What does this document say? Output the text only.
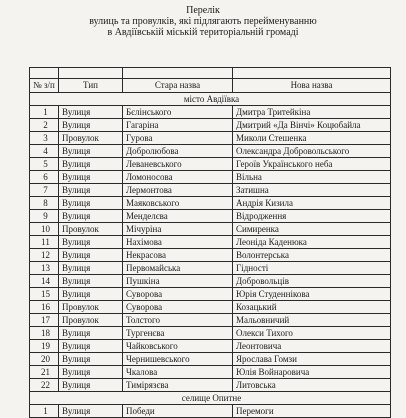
Перелік
вулиць та провулків, які підлягають перейменуванню
в Авдіївській міській територіальній громаді

№ з/п	Тип	Стара назва	Нова назва
місто Авдіївка			
1	Вулиця	Бєлінського	Дмитра Тритейкіна
2	Вулиця	Гагаріна	Дмитрий «Да Вінчі» Коцюбайла
3	Провулок	Гурова	Миколи Стешенка
4	Вулиця	Добролюбова	Олександра Добровольського
5	Вулиця	Леваневського	Героїв Українського неба
6	Вулиця	Ломоносова	Вільна
7	Вулиця	Лермонтова	Затишна
8	Вулиця	Маяковського	Андрія Кизила
9	Вулиця	Менделєва	Відродження
10	Провулок	Мічуріна	Симиренка
11	Вулиця	Нахімова	Леоніда Каденюка
12	Вулиця	Некрасова	Волонтерська
13	Вулиця	Первомайська	Гідності
14	Вулиця	Пушкіна	Добровольців
15	Вулиця	Суворова	Юрія Студеннікова
16	Провулок	Суворова	Козацький
17	Провулок	Толстого	Мальовничий
18	Вулиця	Тургенєва	Олекси Тихого
19	Вулиця	Чайковського	Леонтовича
20	Вулиця	Чернишевського	Ярослава Гомзи
21	Вулиця	Чкалова	Юлія Войнаровича
22	Вулиця	Тимірязєва	Литовська
селище Опитне			
1	Вулиця	Победи	Перемоги
